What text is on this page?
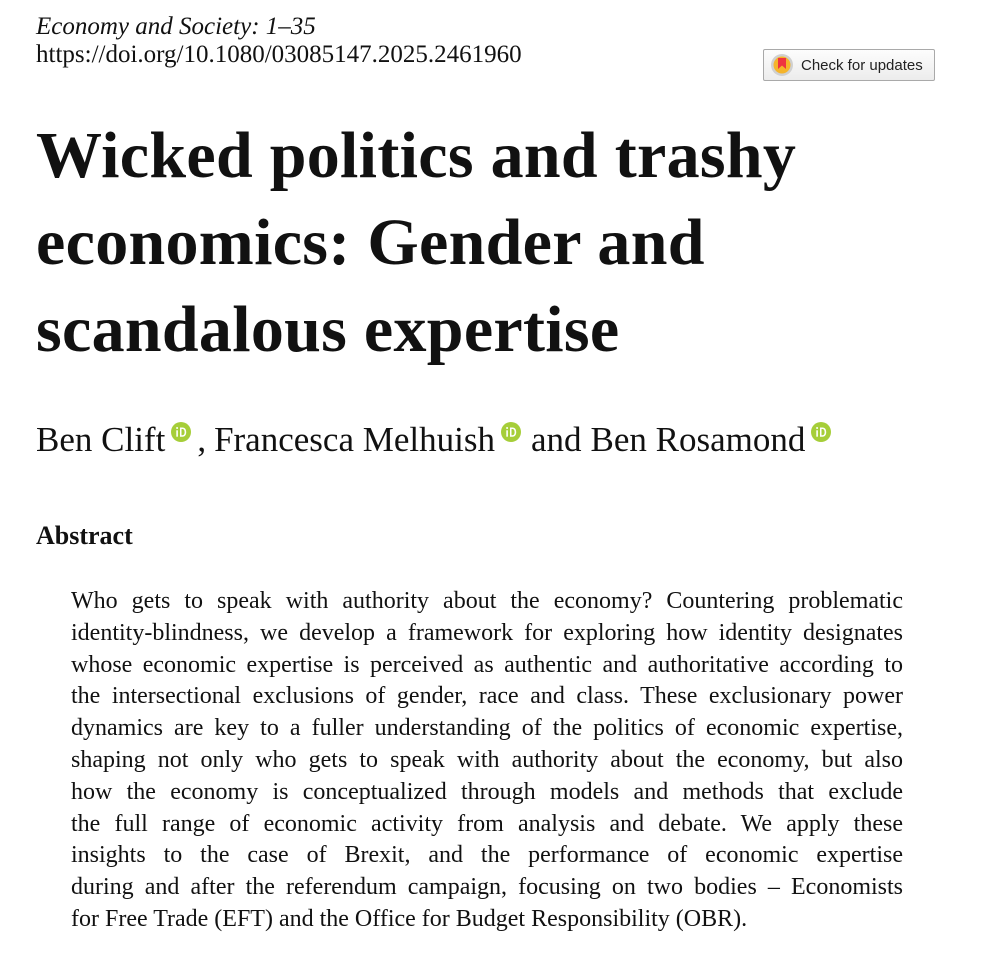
Economy and Society: 1–35
https://doi.org/10.1080/03085147.2025.2461960	Check for updates
Wicked politics and trashy
economics: Gender and
scandalous expertise
Ben Clift , Francesca Melhuish and Ben Rosamond
Abstract

Who gets to speak with authority about the economy? Countering problematic
identity-blindness, we develop a framework for exploring how identity designates
whose economic expertise is perceived as authentic and authoritative according to
the intersectional exclusions of gender, race and class. These exclusionary power
dynamics are key to a fuller understanding of the politics of economic expertise,
shaping not only who gets to speak with authority about the economy, but also
how the economy is conceptualized through models and methods that exclude
the full range of economic activity from analysis and debate. We apply these
insights to the case of Brexit, and the performance of economic expertise
during and after the referendum campaign, focusing on two bodies – Economists
for Free Trade (EFT) and the Office for Budget Responsibility (OBR).
